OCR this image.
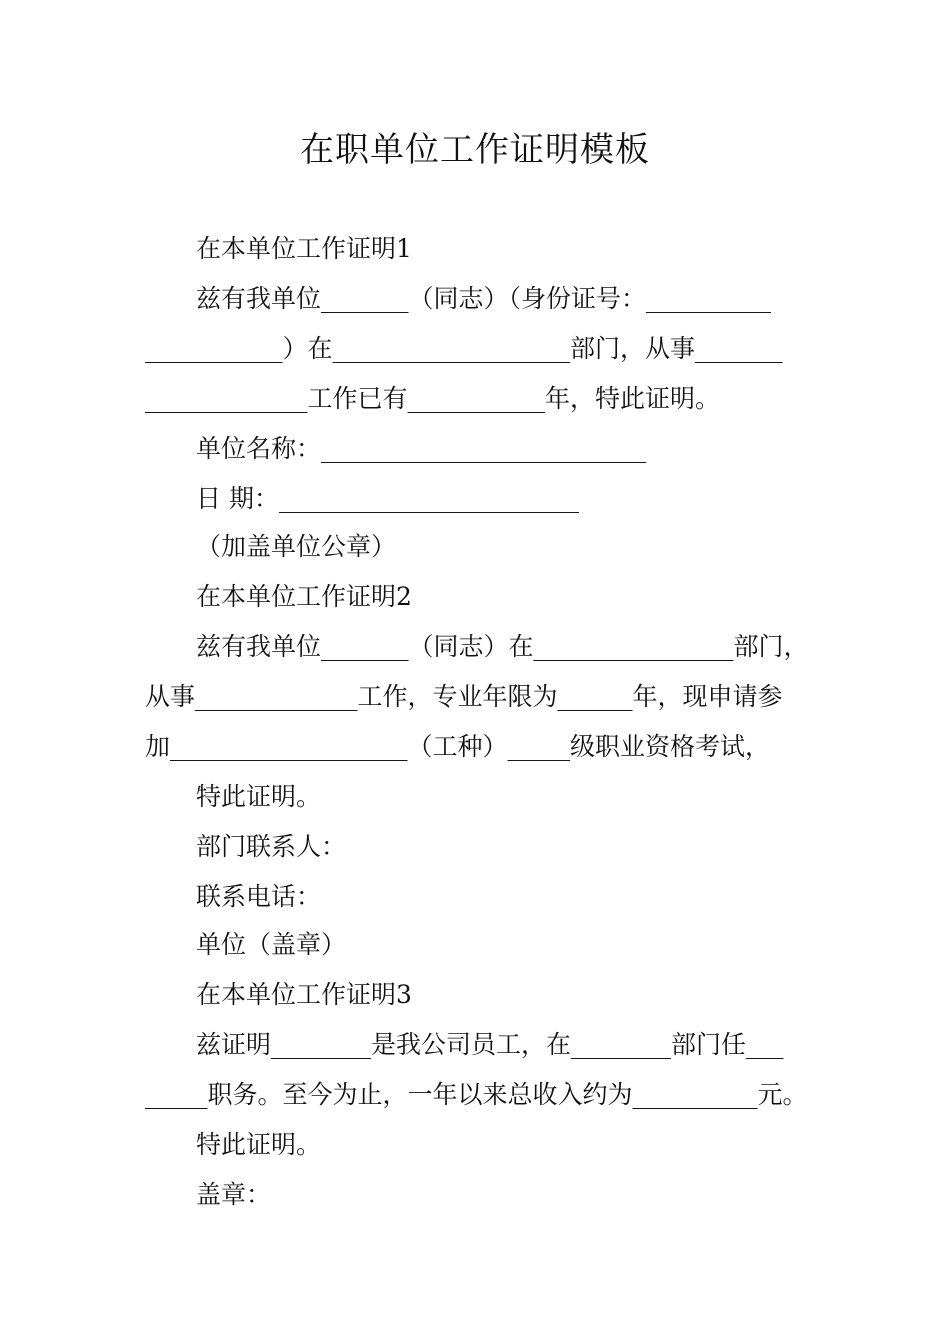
在职单位工作证明模板

在本单位工作证明1

兹有我单位_______（同志）（身份证号：__________

___________）在___________________部门，从事_______

_____________工作已有___________年，特此证明。

单位名称：__________________________

日 期：________________________

（加盖单位公章）

在本单位工作证明2

兹有我单位_______（同志）在________________部门，

从事_____________工作，专业年限为______年，现申请参

加___________________（工种）_____级职业资格考试，

特此证明。

部门联系人：

联系电话：

单位（盖章）

在本单位工作证明3

兹证明________是我公司员工，在________部门任___

_____职务。至今为止，一年以来总收入约为__________元。

特此证明。

盖章：
